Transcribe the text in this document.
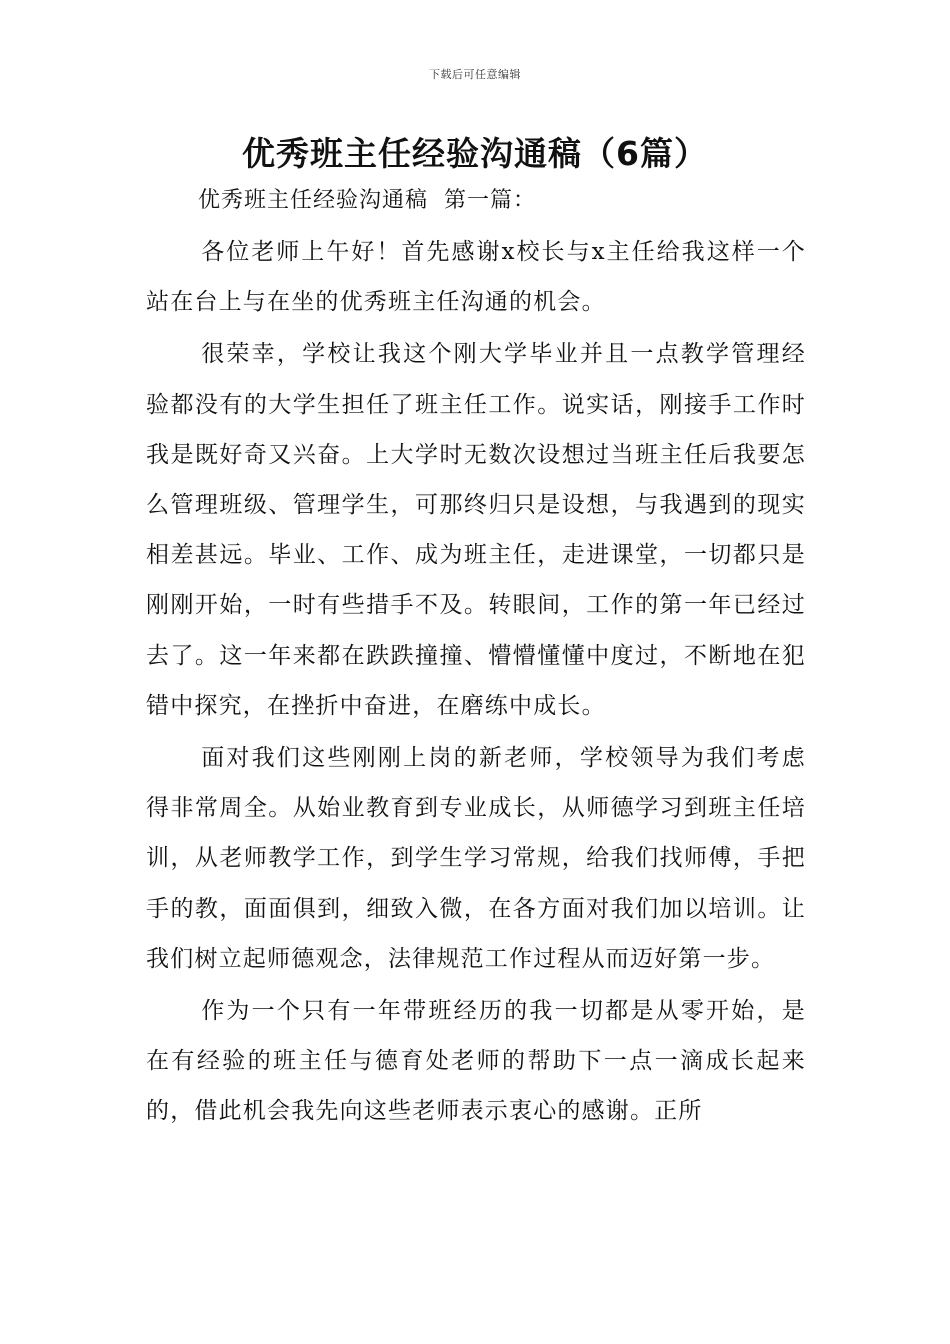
下载后可任意编辑
优秀班主任经验沟通稿（6篇）
优秀班主任经验沟通稿  第一篇：

各位老师上午好！首先感谢x校长与x主任给我这样一个站在台上与在坐的优秀班主任沟通的机会。

很荣幸，学校让我这个刚大学毕业并且一点教学管理经验都没有的大学生担任了班主任工作。说实话，刚接手工作时我是既好奇又兴奋。上大学时无数次设想过当班主任后我要怎么管理班级、管理学生，可那终归只是设想，与我遇到的现实相差甚远。毕业、工作、成为班主任，走进课堂，一切都只是刚刚开始，一时有些措手不及。转眼间，工作的第一年已经过去了。这一年来都在跌跌撞撞、懵懵懂懂中度过，不断地在犯错中探究，在挫折中奋进，在磨练中成长。

面对我们这些刚刚上岗的新老师，学校领导为我们考虑得非常周全。从始业教育到专业成长，从师德学习到班主任培训，从老师教学工作，到学生学习常规，给我们找师傅，手把手的教，面面俱到，细致入微，在各方面对我们加以培训。让我们树立起师德观念，法律规范工作过程从而迈好第一步。

作为一个只有一年带班经历的我一切都是从零开始，是在有经验的班主任与德育处老师的帮助下一点一滴成长起来的，借此机会我先向这些老师表示衷心的感谢。正所
